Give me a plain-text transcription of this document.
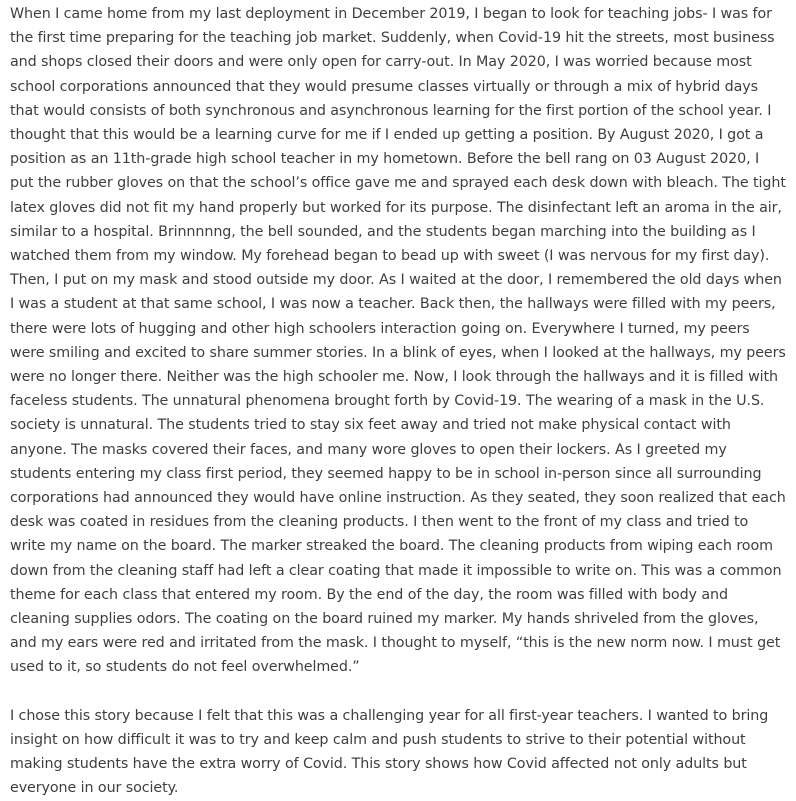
When I came home from my last deployment in December 2019, I began to look for teaching jobs- I was for the first time preparing for the teaching job market. Suddenly, when Covid-19 hit the streets, most business and shops closed their doors and were only open for carry-out. In May 2020, I was worried because most school corporations announced that they would presume classes virtually or through a mix of hybrid days that would consists of both synchronous and asynchronous learning for the first portion of the school year. I thought that this would be a learning curve for me if I ended up getting a position. By August 2020, I got a position as an 11th-grade high school teacher in my hometown. Before the bell rang on 03 August 2020, I put the rubber gloves on that the school’s office gave me and sprayed each desk down with bleach. The tight latex gloves did not fit my hand properly but worked for its purpose. The disinfectant left an aroma in the air, similar to a hospital. Brinnnnng, the bell sounded, and the students began marching into the building as I watched them from my window. My forehead began to bead up with sweet (I was nervous for my first day). Then, I put on my mask and stood outside my door. As I waited at the door, I remembered the old days when I was a student at that same school, I was now a teacher. Back then, the hallways were filled with my peers, there were lots of hugging and other high schoolers interaction going on. Everywhere I turned, my peers were smiling and excited to share summer stories. In a blink of eyes, when I looked at the hallways, my peers were no longer there. Neither was the high schooler me. Now, I look through the hallways and it is filled with faceless students. The unnatural phenomena brought forth by Covid-19. The wearing of a mask in the U.S. society is unnatural. The students tried to stay six feet away and tried not make physical contact with anyone. The masks covered their faces, and many wore gloves to open their lockers. As I greeted my students entering my class first period, they seemed happy to be in school in-person since all surrounding corporations had announced they would have online instruction. As they seated, they soon realized that each desk was coated in residues from the cleaning products. I then went to the front of my class and tried to write my name on the board. The marker streaked the board. The cleaning products from wiping each room down from the cleaning staff had left a clear coating that made it impossible to write on. This was a common theme for each class that entered my room. By the end of the day, the room was filled with body and cleaning supplies odors. The coating on the board ruined my marker. My hands shriveled from the gloves, and my ears were red and irritated from the mask. I thought to myself, “this is the new norm now. I must get used to it, so students do not feel overwhelmed.”

I chose this story because I felt that this was a challenging year for all first-year teachers. I wanted to bring insight on how difficult it was to try and keep calm and push students to strive to their potential without making students have the extra worry of Covid. This story shows how Covid affected not only adults but everyone in our society.
